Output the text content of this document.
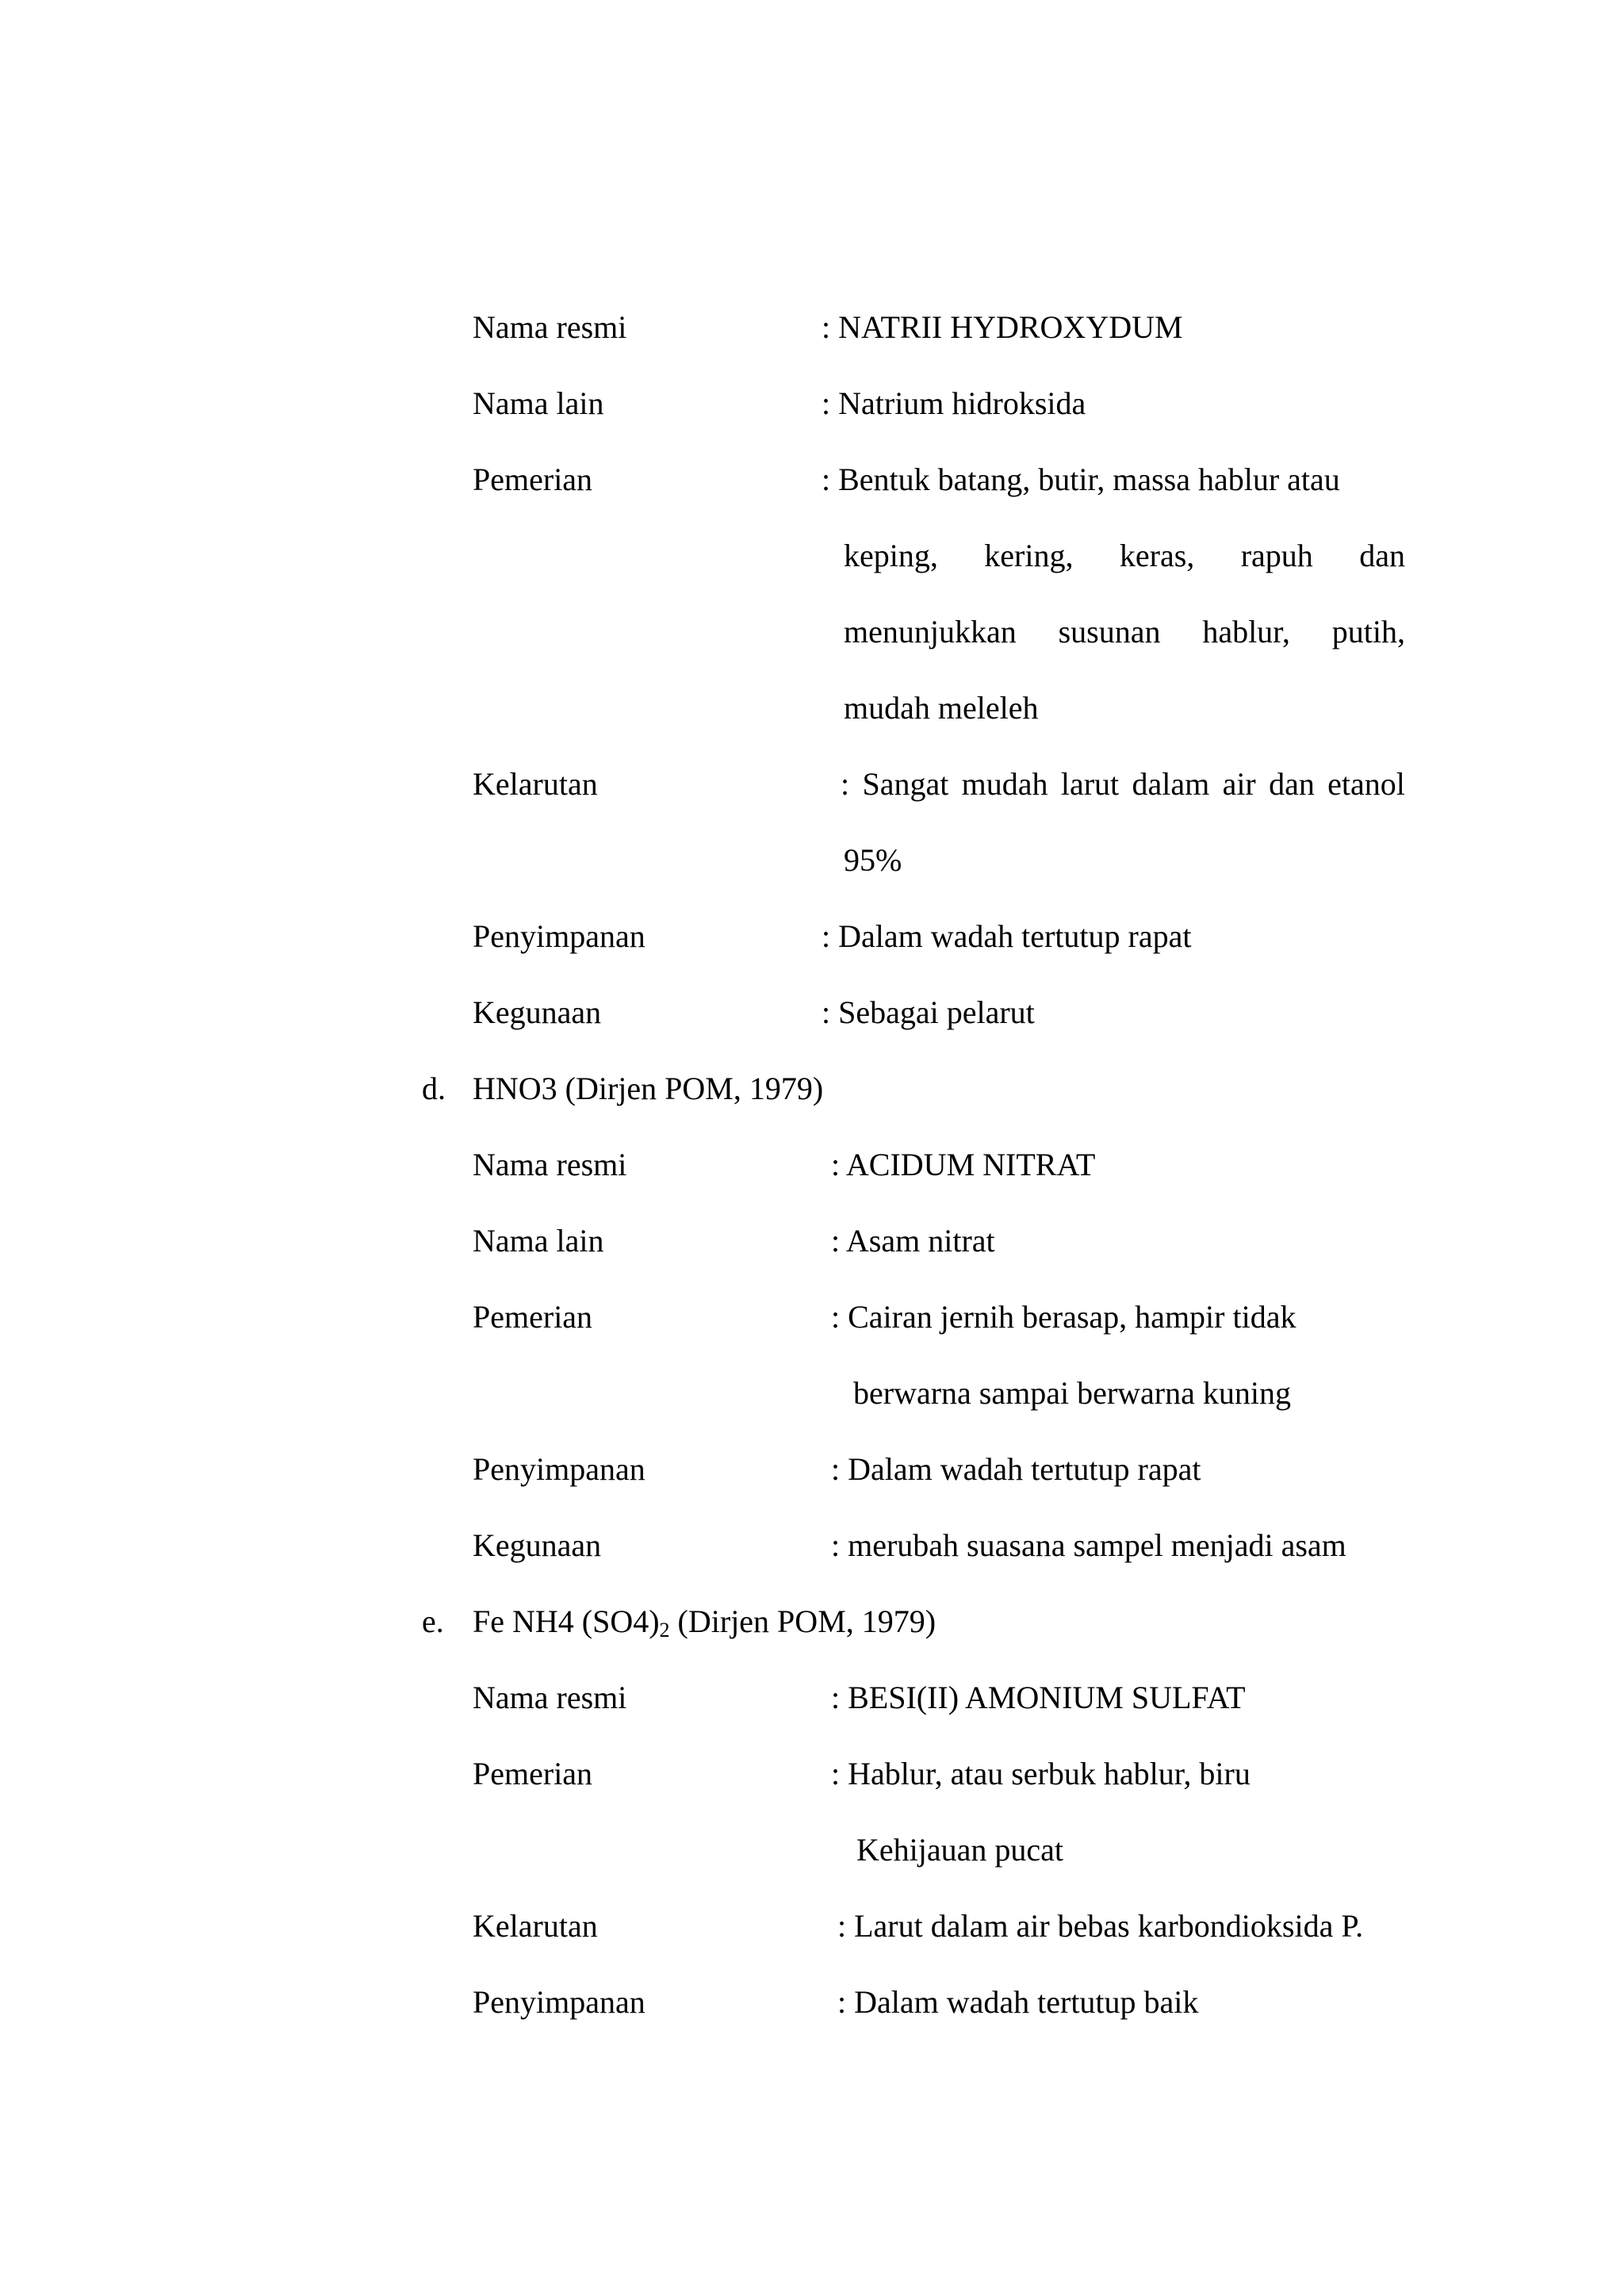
Nama resmi	: NATRII HYDROXYDUM
Nama lain	: Natrium hidroksida
Pemerian	: Bentuk batang, butir, massa hablur atau
keping, kering, keras, rapuh dan
menunjukkan susunan hablur, putih,
mudah meleleh
Kelarutan	: Sangat mudah larut dalam air dan etanol
95%
Penyimpanan	: Dalam wadah tertutup rapat
Kegunaan	: Sebagai pelarut
d. HNO3 (Dirjen POM, 1979)
Nama resmi	: ACIDUM NITRAT
Nama lain	: Asam nitrat
Pemerian	: Cairan jernih berasap, hampir tidak
berwarna sampai berwarna kuning
Penyimpanan	: Dalam wadah tertutup rapat
Kegunaan	: merubah suasana sampel menjadi asam
e. Fe NH4 $(SO4)_2$ (Dirjen POM, 1979)
Nama resmi	: BESI(II) AMONIUM SULFAT
Pemerian	: Hablur, atau serbuk hablur, biru
Kehijauan pucat
Kelarutan	: Larut dalam air bebas karbondioksida P.
Penyimpanan	: Dalam wadah tertutup baik
